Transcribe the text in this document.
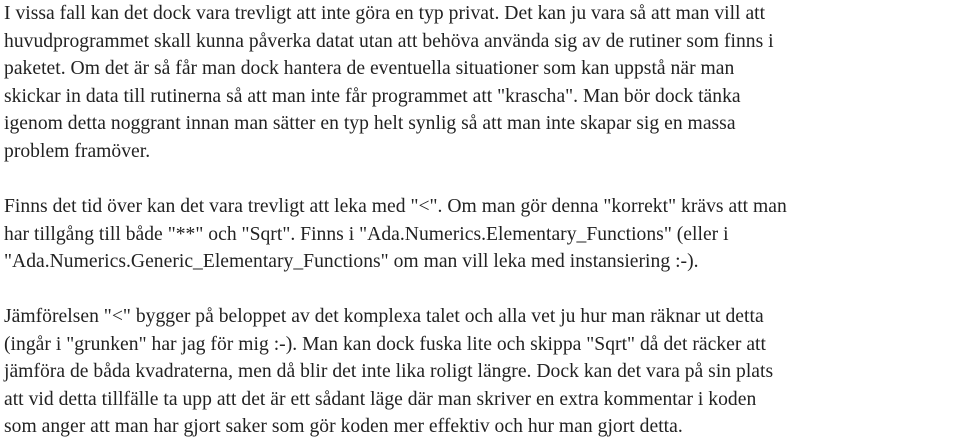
I vissa fall kan det dock vara trevligt att inte göra en typ privat. Det kan ju vara så att man vill att
huvudprogrammet skall kunna påverka datat utan att behöva använda sig av de rutiner som finns i
paketet. Om det är så får man dock hantera de eventuella situationer som kan uppstå när man
skickar in data till rutinerna så att man inte får programmet att "krascha". Man bör dock tänka
igenom detta noggrant innan man sätter en typ helt synlig så att man inte skapar sig en massa
problem framöver.
Finns det tid över kan det vara trevligt att leka med "<". Om man gör denna "korrekt" krävs att man
har tillgång till både "**" och "Sqrt". Finns i "Ada.Numerics.Elementary_Functions" (eller i
"Ada.Numerics.Generic_Elementary_Functions" om man vill leka med instansiering :-).
Jämförelsen "<" bygger på beloppet av det komplexa talet och alla vet ju hur man räknar ut detta
(ingår i "grunken" har jag för mig :-). Man kan dock fuska lite och skippa "Sqrt" då det räcker att
jämföra de båda kvadraterna, men då blir det inte lika roligt längre. Dock kan det vara på sin plats
att vid detta tillfälle ta upp att det är ett sådant läge där man skriver en extra kommentar i koden
som anger att man har gjort saker som gör koden mer effektiv och hur man gjort detta.
